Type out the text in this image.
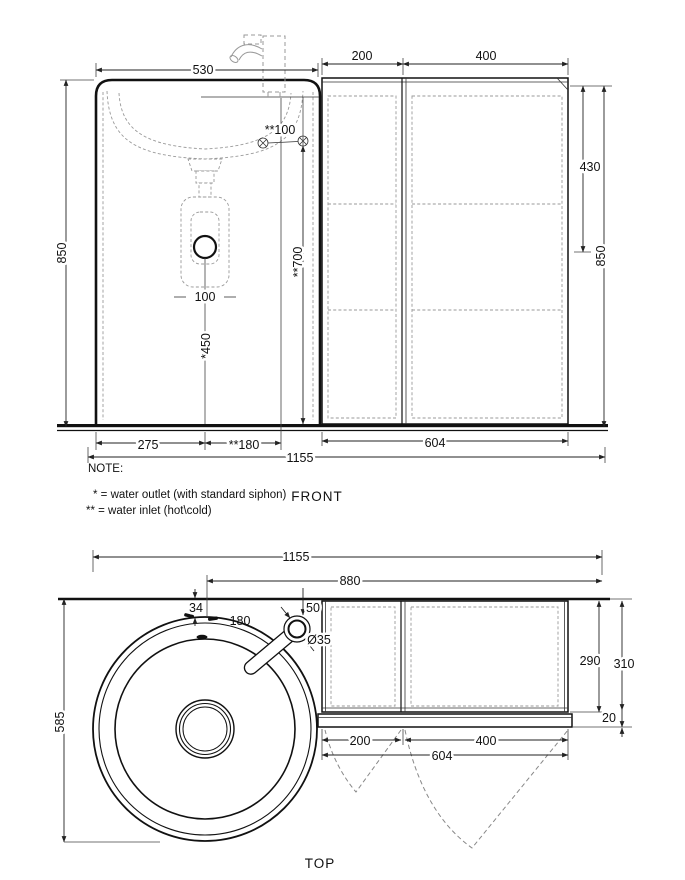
530
200	400
**100
430
850	850
**700
100
*450
275	**180	604
1155
NOTE:
* = water outlet (with standard siphon)
** = water inlet (hot\cold)
FRONT
1155
880
34	50
180
Ø35
290 310
20
200	400
604
585
TOP
